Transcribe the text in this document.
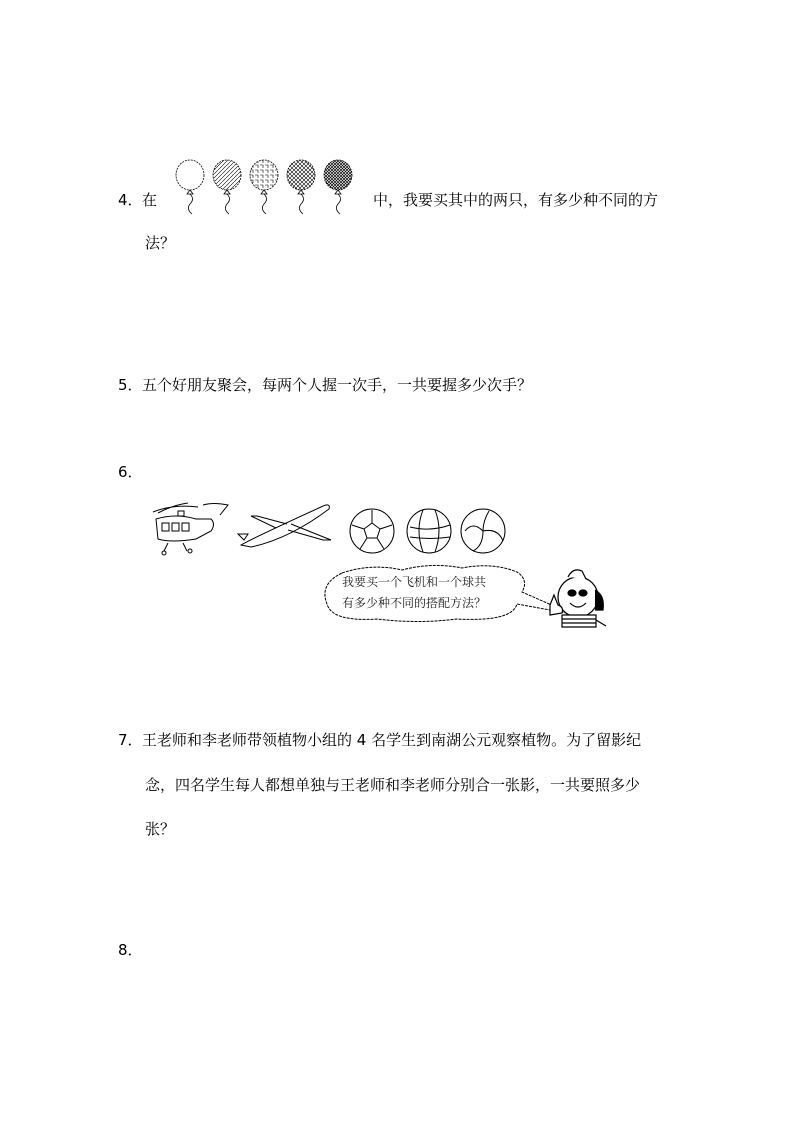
4． 在	中，我要买其中的两只，有多少种不同的方
法？
5． 五个好朋友聚会，每两个人握一次手，一共要握多少次手？
6．
我要买一个飞机和一个球共
有多少种不同的搭配方法？
7． 王老师和李老师带领植物小组的 4 名学生到南湖公元观察植物。为了留影纪
念，四名学生每人都想单独与王老师和李老师分别合一张影，一共要照多少
张？
8．
